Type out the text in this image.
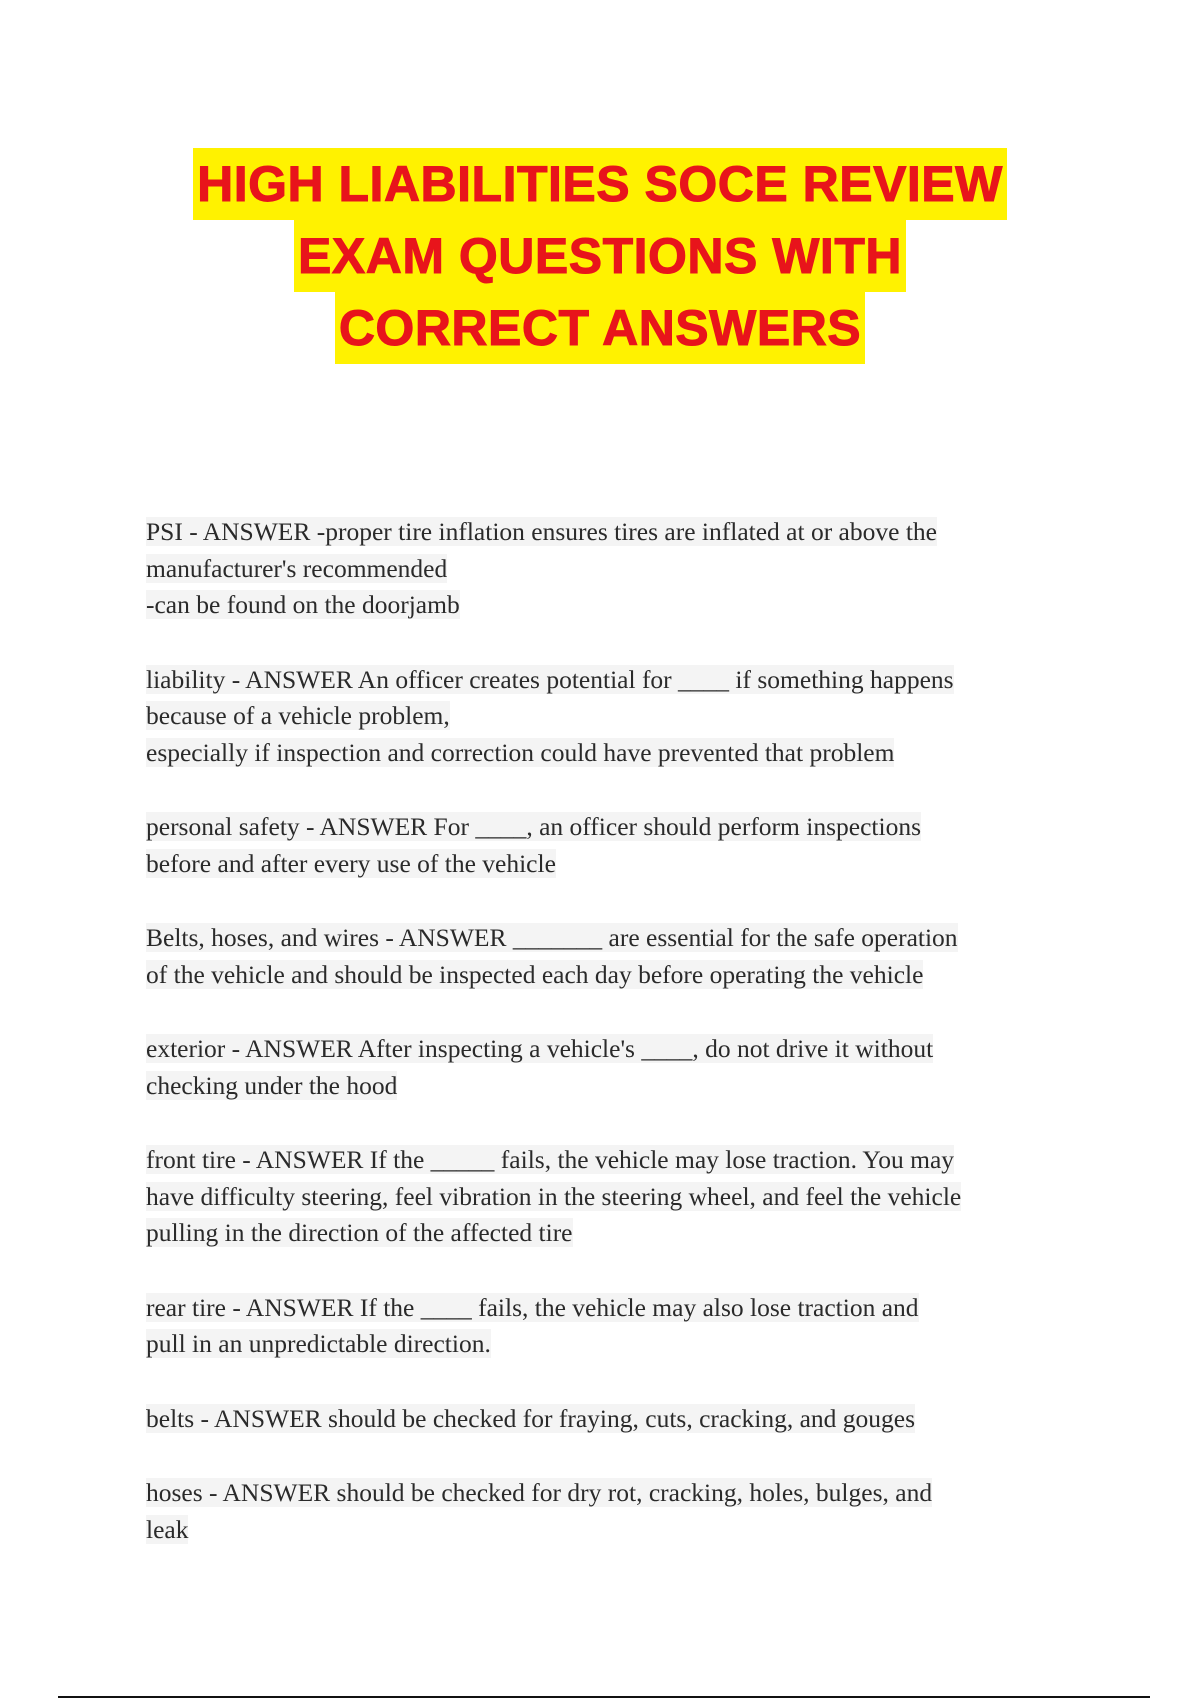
HIGH LIABILITIES SOCE REVIEW
EXAM QUESTIONS WITH
CORRECT ANSWERS
PSI - ANSWER -proper tire inflation ensures tires are inflated at or above the
manufacturer's recommended
-can be found on the doorjamb
liability - ANSWER An officer creates potential for ____ if something happens
because of a vehicle problem,
especially if inspection and correction could have prevented that problem
personal safety - ANSWER For ____, an officer should perform inspections
before and after every use of the vehicle
Belts, hoses, and wires - ANSWER _______ are essential for the safe operation
of the vehicle and should be inspected each day before operating the vehicle
exterior - ANSWER After inspecting a vehicle's ____, do not drive it without
checking under the hood
front tire - ANSWER If the _____ fails, the vehicle may lose traction. You may
have difficulty steering, feel vibration in the steering wheel, and feel the vehicle
pulling in the direction of the affected tire
rear tire - ANSWER If the ____ fails, the vehicle may also lose traction and
pull in an unpredictable direction.
belts - ANSWER should be checked for fraying, cuts, cracking, and gouges
hoses - ANSWER should be checked for dry rot, cracking, holes, bulges, and
leak
